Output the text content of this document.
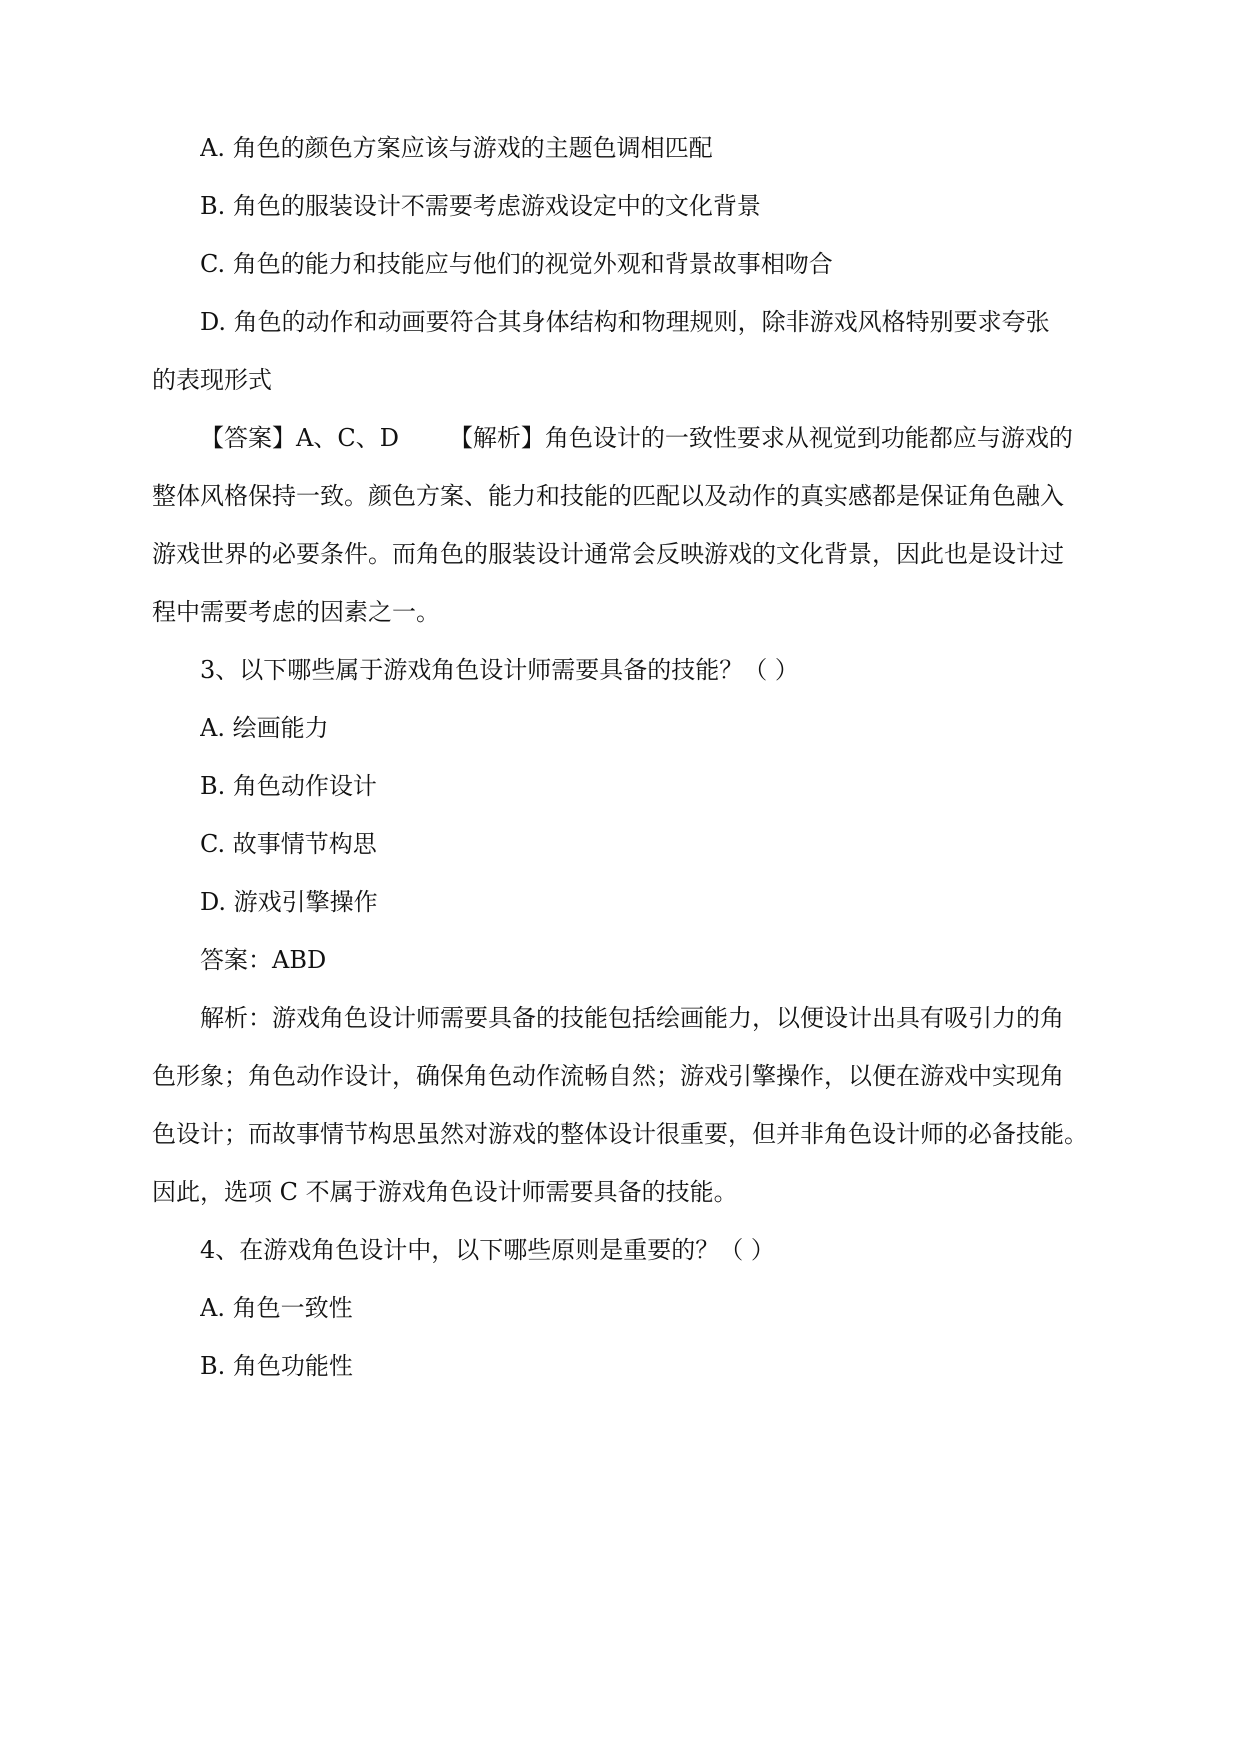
A. 角色的颜色方案应该与游戏的主题色调相匹配
B. 角色的服装设计不需要考虑游戏设定中的文化背景
C. 角色的能力和技能应与他们的视觉外观和背景故事相吻合
D. 角色的动作和动画要符合其身体结构和物理规则，除非游戏风格特别要求夸张
的表现形式
【答案】A、C、D 【解析】角色设计的一致性要求从视觉到功能都应与游戏的
整体风格保持一致。颜色方案、能力和技能的匹配以及动作的真实感都是保证角色融入
游戏世界的必要条件。而角色的服装设计通常会反映游戏的文化背景，因此也是设计过
程中需要考虑的因素之一。
3、以下哪些属于游戏角色设计师需要具备的技能？（ ）
A. 绘画能力
B. 角色动作设计
C. 故事情节构思
D. 游戏引擎操作
答案：ABD
解析：游戏角色设计师需要具备的技能包括绘画能力，以便设计出具有吸引力的角
色形象；角色动作设计，确保角色动作流畅自然；游戏引擎操作，以便在游戏中实现角
色设计；而故事情节构思虽然对游戏的整体设计很重要，但并非角色设计师的必备技能。
因此，选项 C 不属于游戏角色设计师需要具备的技能。
4、在游戏角色设计中，以下哪些原则是重要的？（ ）
A. 角色一致性
B. 角色功能性
